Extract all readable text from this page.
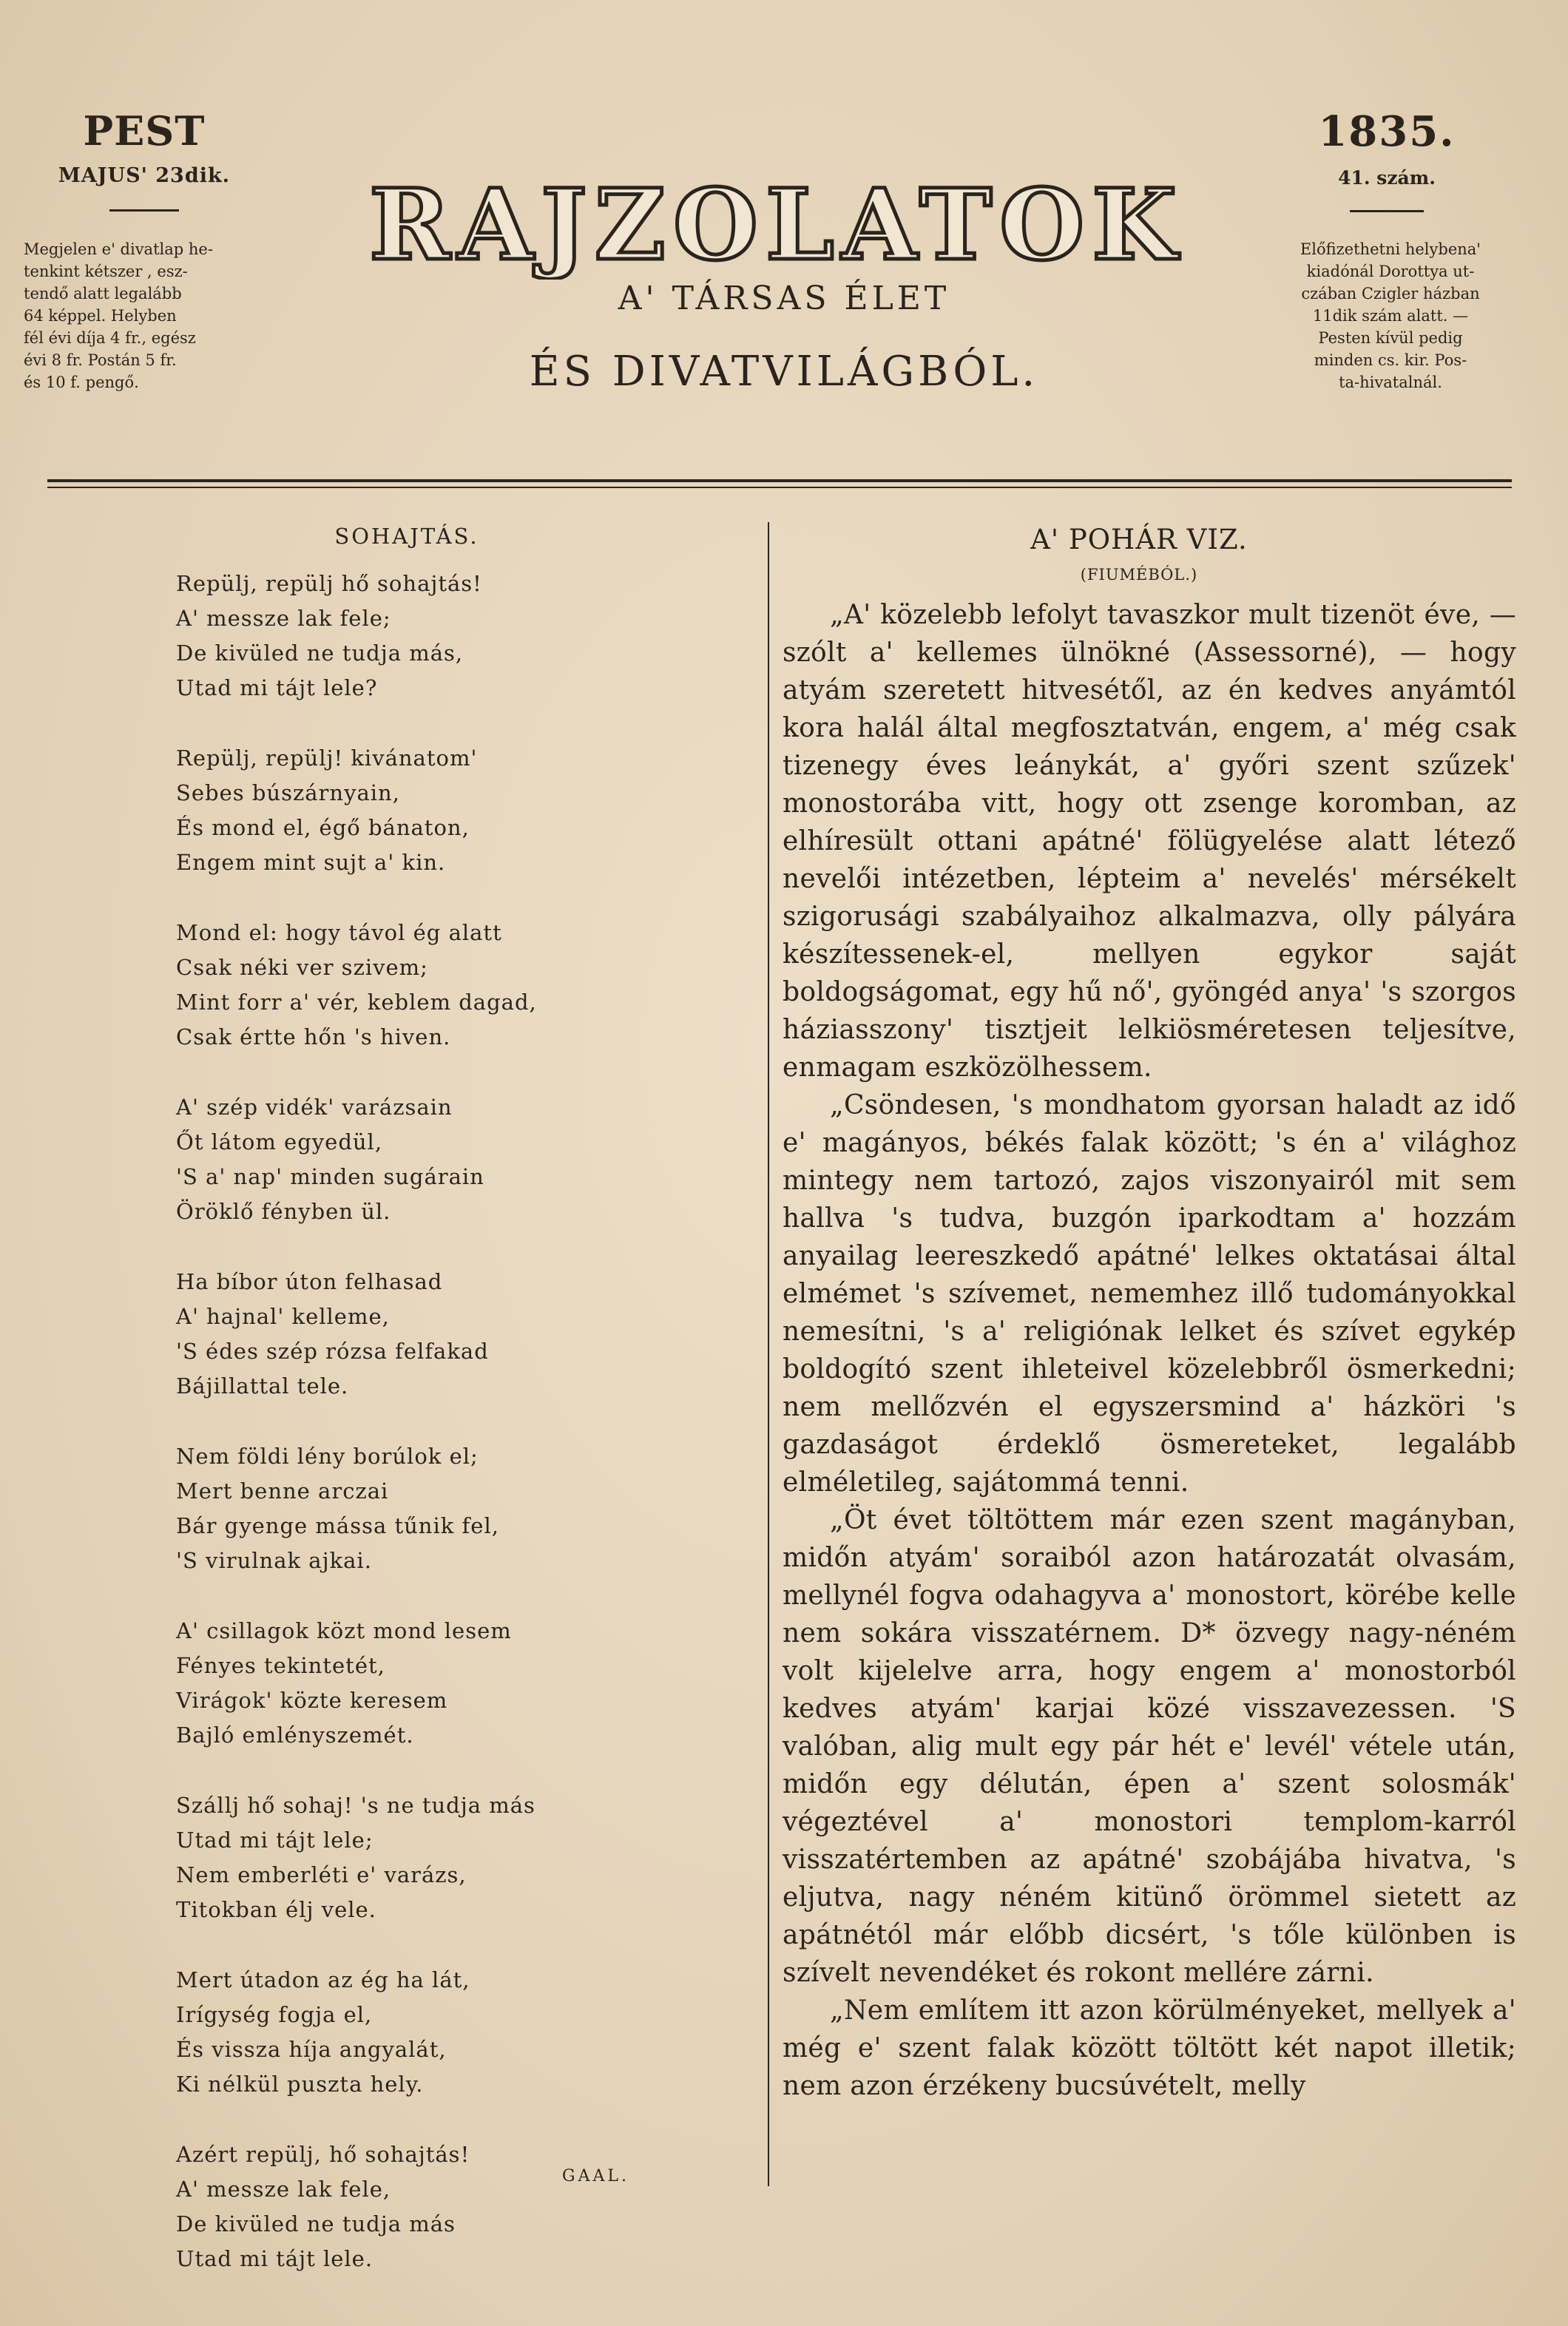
PEST
MAJUS' 23dik.
Megjelen e' divatlap he-
tenkint kétszer , esz-
tendő alatt legalább
64 képpel. Helyben
fél évi díja 4 fr., egész
évi 8 fr. Postán 5 fr.
és 10 f. pengő.
RAJZOLATOK
A' TÁRSAS ÉLET
ÉS DIVATVILÁGBÓL.
1835.
41. szám.
Előfizethetni helybena'
kiadónál Dorottya ut-
czában Czigler házban
11dik szám alatt. —
Pesten kívül pedig
minden cs. kir. Pos-
ta-hivatalnál.
SOHAJTÁS.
Repülj, repülj hő sohajtás!
A' messze lak fele;
De kivüled ne tudja más,
Utad mi tájt lele?
Repülj, repülj! kivánatom'
Sebes búszárnyain,
És mond el, égő bánaton,
Engem mint sujt a' kin.
Mond el: hogy távol ég alatt
Csak néki ver szivem;
Mint forr a' vér, keblem dagad,
Csak értte hőn 's hiven.
A' szép vidék' varázsain
Őt látom egyedül,
'S a' nap' minden sugárain
Öröklő fényben ül.
Ha bíbor úton felhasad
A' hajnal' kelleme,
'S édes szép rózsa felfakad
Bájillattal tele.
Nem földi lény borúlok el;
Mert benne arczai
Bár gyenge mássa tűnik fel,
'S virulnak ajkai.
A' csillagok közt mond lesem
Fényes tekintetét,
Virágok' közte keresem
Bajló emlényszemét.
Szállj hő sohaj! 's ne tudja más
Utad mi tájt lele;
Nem emberléti e' varázs,
Titokban élj vele.
Mert útadon az ég ha lát,
Irígység fogja el,
És vissza híja angyalát,
Ki nélkül puszta hely.
Azért repülj, hő sohajtás!
A' messze lak fele,
De kivüled ne tudja más
Utad mi tájt lele.
GAAL.
A' POHÁR VIZ.
(FIUMÉBÓL.)

„A' közelebb lefolyt tavaszkor mult tizenöt éve, — szólt a' kellemes ülnökné (Assessorné), — hogy atyám szeretett hitvesétől, az én kedves anyámtól kora halál által megfosztatván, engem, a' még csak tizenegy éves leánykát, a' győri szent szűzek' monostorába vitt, hogy ott zsenge koromban, az elhíresült ottani apátné' fölügyelése alatt létező nevelői intézetben, lépteim a' nevelés' mérsékelt szigorusági szabályaihoz alkalmazva, olly pályára készítessenek-el, mellyen egykor saját boldogságomat, egy hű nő', gyöngéd anya' 's szorgos háziasszony' tisztjeit lelkiösméretesen teljesítve, enmagam eszközölhessem.

„Csöndesen, 's mondhatom gyorsan haladt az idő e' magányos, békés falak között; 's én a' világhoz mintegy nem tartozó, zajos viszonyairól mit sem hallva 's tudva, buzgón iparkodtam a' hozzám anyailag leereszkedő apátné' lelkes oktatásai által elmémet 's szívemet, nememhez illő tudományokkal nemesítni, 's a' religiónak lelket és szívet egykép boldogító szent ihleteivel közelebbről ösmerkedni; nem mellőzvén el egyszersmind a' házköri 's gazdaságot érdeklő ösmereteket, legalább elméletileg, sajátommá tenni.

„Öt évet töltöttem már ezen szent magányban, midőn atyám' soraiból azon határozatát olvasám, mellynél fogva odahagyva a' monostort, körébe kelle nem sokára visszatérnem. D* özvegy nagy-néném volt kijelelve arra, hogy engem a' monostorból kedves atyám' karjai közé visszavezessen. 'S valóban, alig mult egy pár hét e' levél' vétele után, midőn egy délután, épen a' szent solosmák' végeztével a' monostori templom-karról visszatértemben az apátné' szobájába hivatva, 's eljutva, nagy néném kitünő örömmel sietett az apátnétól már előbb dicsért, 's tőle különben is szívelt nevendéket és rokont mellére zárni.

„Nem említem itt azon körülményeket, mellyek a' még e' szent falak között töltött két napot illetik; nem azon érzékeny bucsúvételt, melly
